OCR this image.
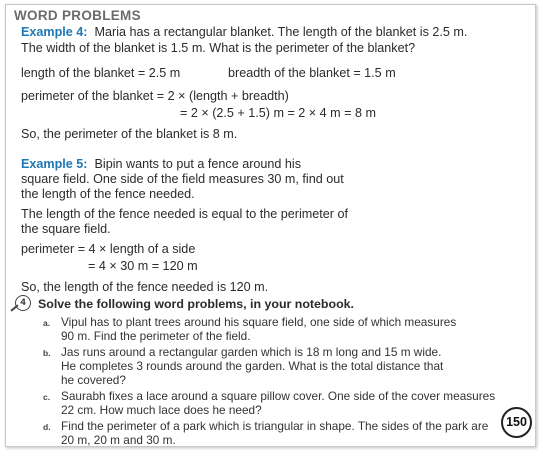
WORD PROBLEMS
Example 4: Maria has a rectangular blanket. The length of the blanket is 2.5 m.
The width of the blanket is 1.5 m. What is the perimeter of the blanket?
length of the blanket = 2.5 m	breadth of the blanket = 1.5 m
perimeter of the blanket = 2 × (length + breadth)
= 2 × (2.5 + 1.5) m = 2 × 4 m = 8 m
So, the perimeter of the blanket is 8 m.
Example 5: Bipin wants to put a fence around his
square field. One side of the field measures 30 m, find out
the length of the fence needed.
The length of the fence needed is equal to the perimeter of
the square field.
perimeter = 4 × length of a side
= 4 × 30 m = 120 m
So, the length of the fence needed is 120 m.
4 Solve the following word problems, in your notebook.
a. Vipul has to plant trees around his square field, one side of which measures
90 m. Find the perimeter of the field.
b. Jas runs around a rectangular garden which is 18 m long and 15 m wide.
He completes 3 rounds around the garden. What is the total distance that
he covered?
c. Saurabh fixes a lace around a square pillow cover. One side of the cover measures
22 cm. How much lace does he need?
d. Find the perimeter of a park which is triangular in shape. The sides of the park are
20 m, 20 m and 30 m.
150
